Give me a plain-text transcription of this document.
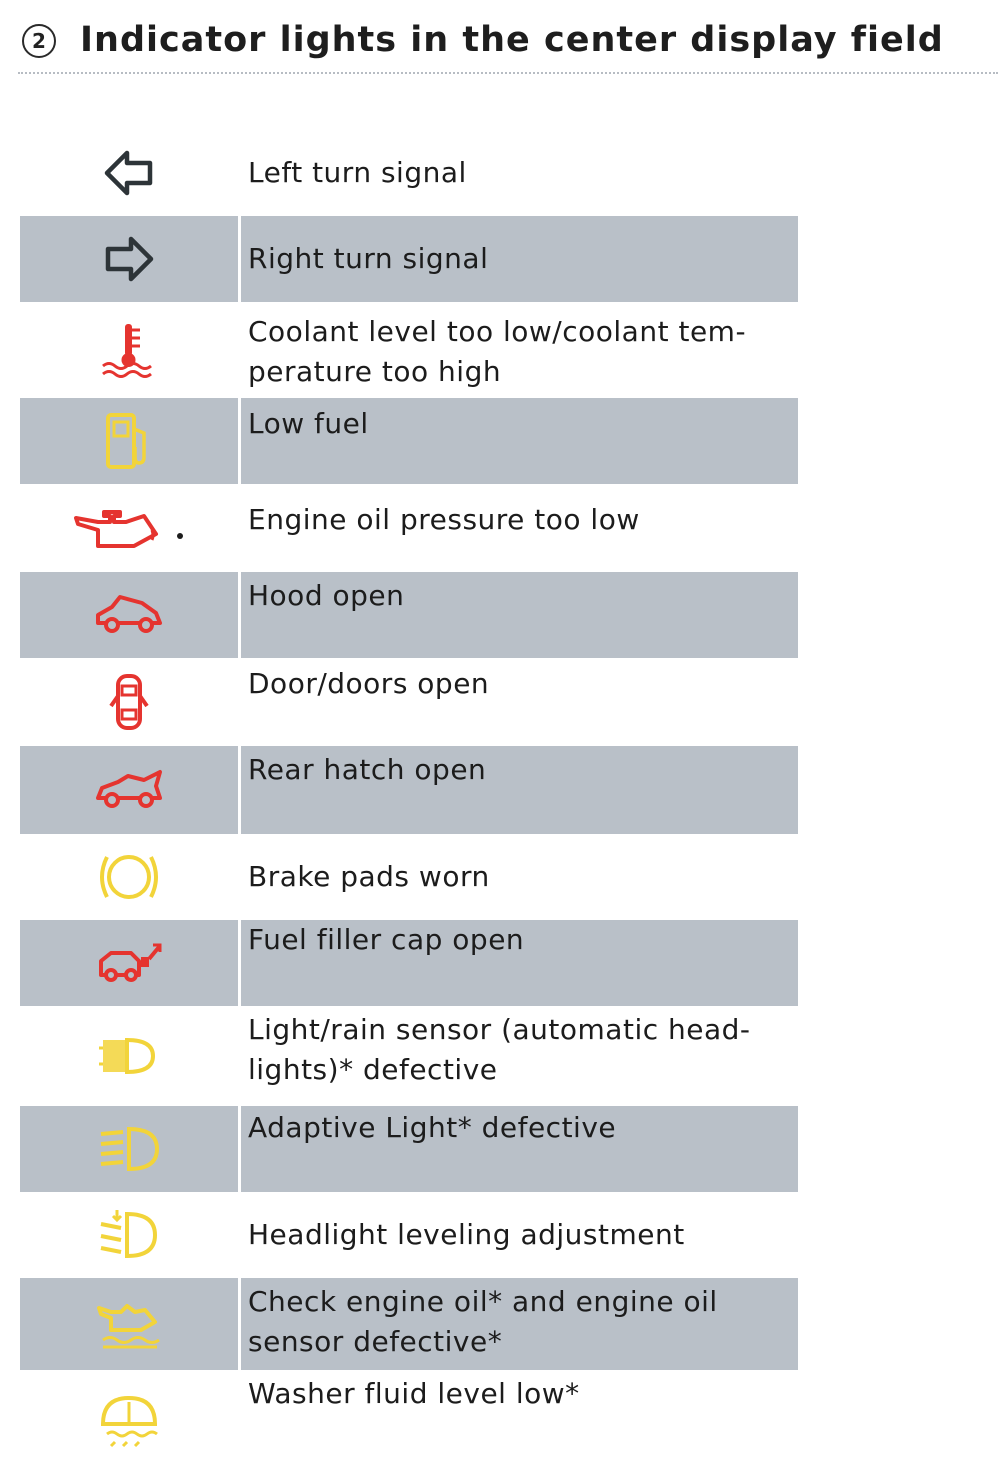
2 Indicator lights in the center display field
Left turn signal
Right turn signal
Coolant level too low/coolant tem-perature too high
Low fuel
Engine oil pressure too low
Hood open
Door/doors open
Rear hatch open
Brake pads worn
Fuel filler cap open
Light/rain sensor (automatic head-lights)* defective
Adaptive Light* defective
Headlight leveling adjustment
Check engine oil* and engine oil sensor defective*
Washer fluid level low*
